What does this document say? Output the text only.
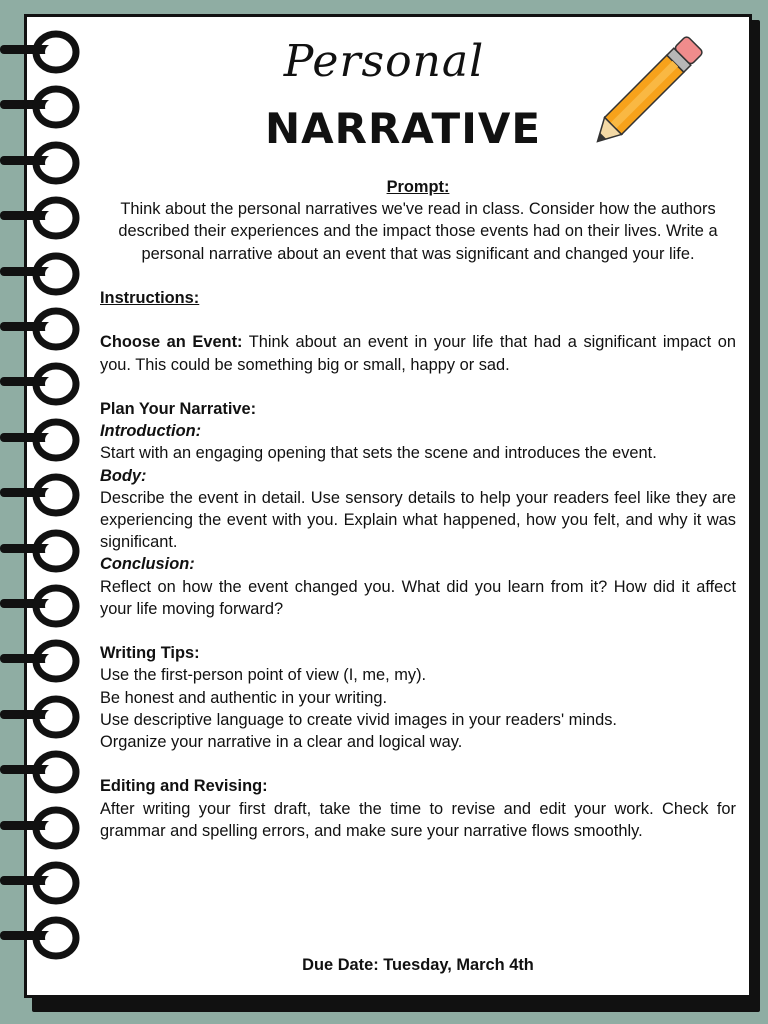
Personal
NARRATIVE
Prompt:
Think about the personal narratives we've read in class. Consider how the authors described their experiences and the impact those events had on their lives. Write a personal narrative about an event that was significant and changed your life.
Instructions:
Choose an Event: Think about an event in your life that had a significant impact on you. This could be something big or small, happy or sad.
Plan Your Narrative:
Introduction:
Start with an engaging opening that sets the scene and introduces the event.
Body:
Describe the event in detail. Use sensory details to help your readers feel like they are experiencing the event with you. Explain what happened, how you felt, and why it was significant.
Conclusion:
Reflect on how the event changed you. What did you learn from it? How did it affect your life moving forward?
Writing Tips:
Use the first-person point of view (I, me, my).
Be honest and authentic in your writing.
Use descriptive language to create vivid images in your readers' minds.
Organize your narrative in a clear and logical way.
Editing and Revising:
After writing your first draft, take the time to revise and edit your work. Check for grammar and spelling errors, and make sure your narrative flows smoothly.
Due Date: Tuesday, March 4th
